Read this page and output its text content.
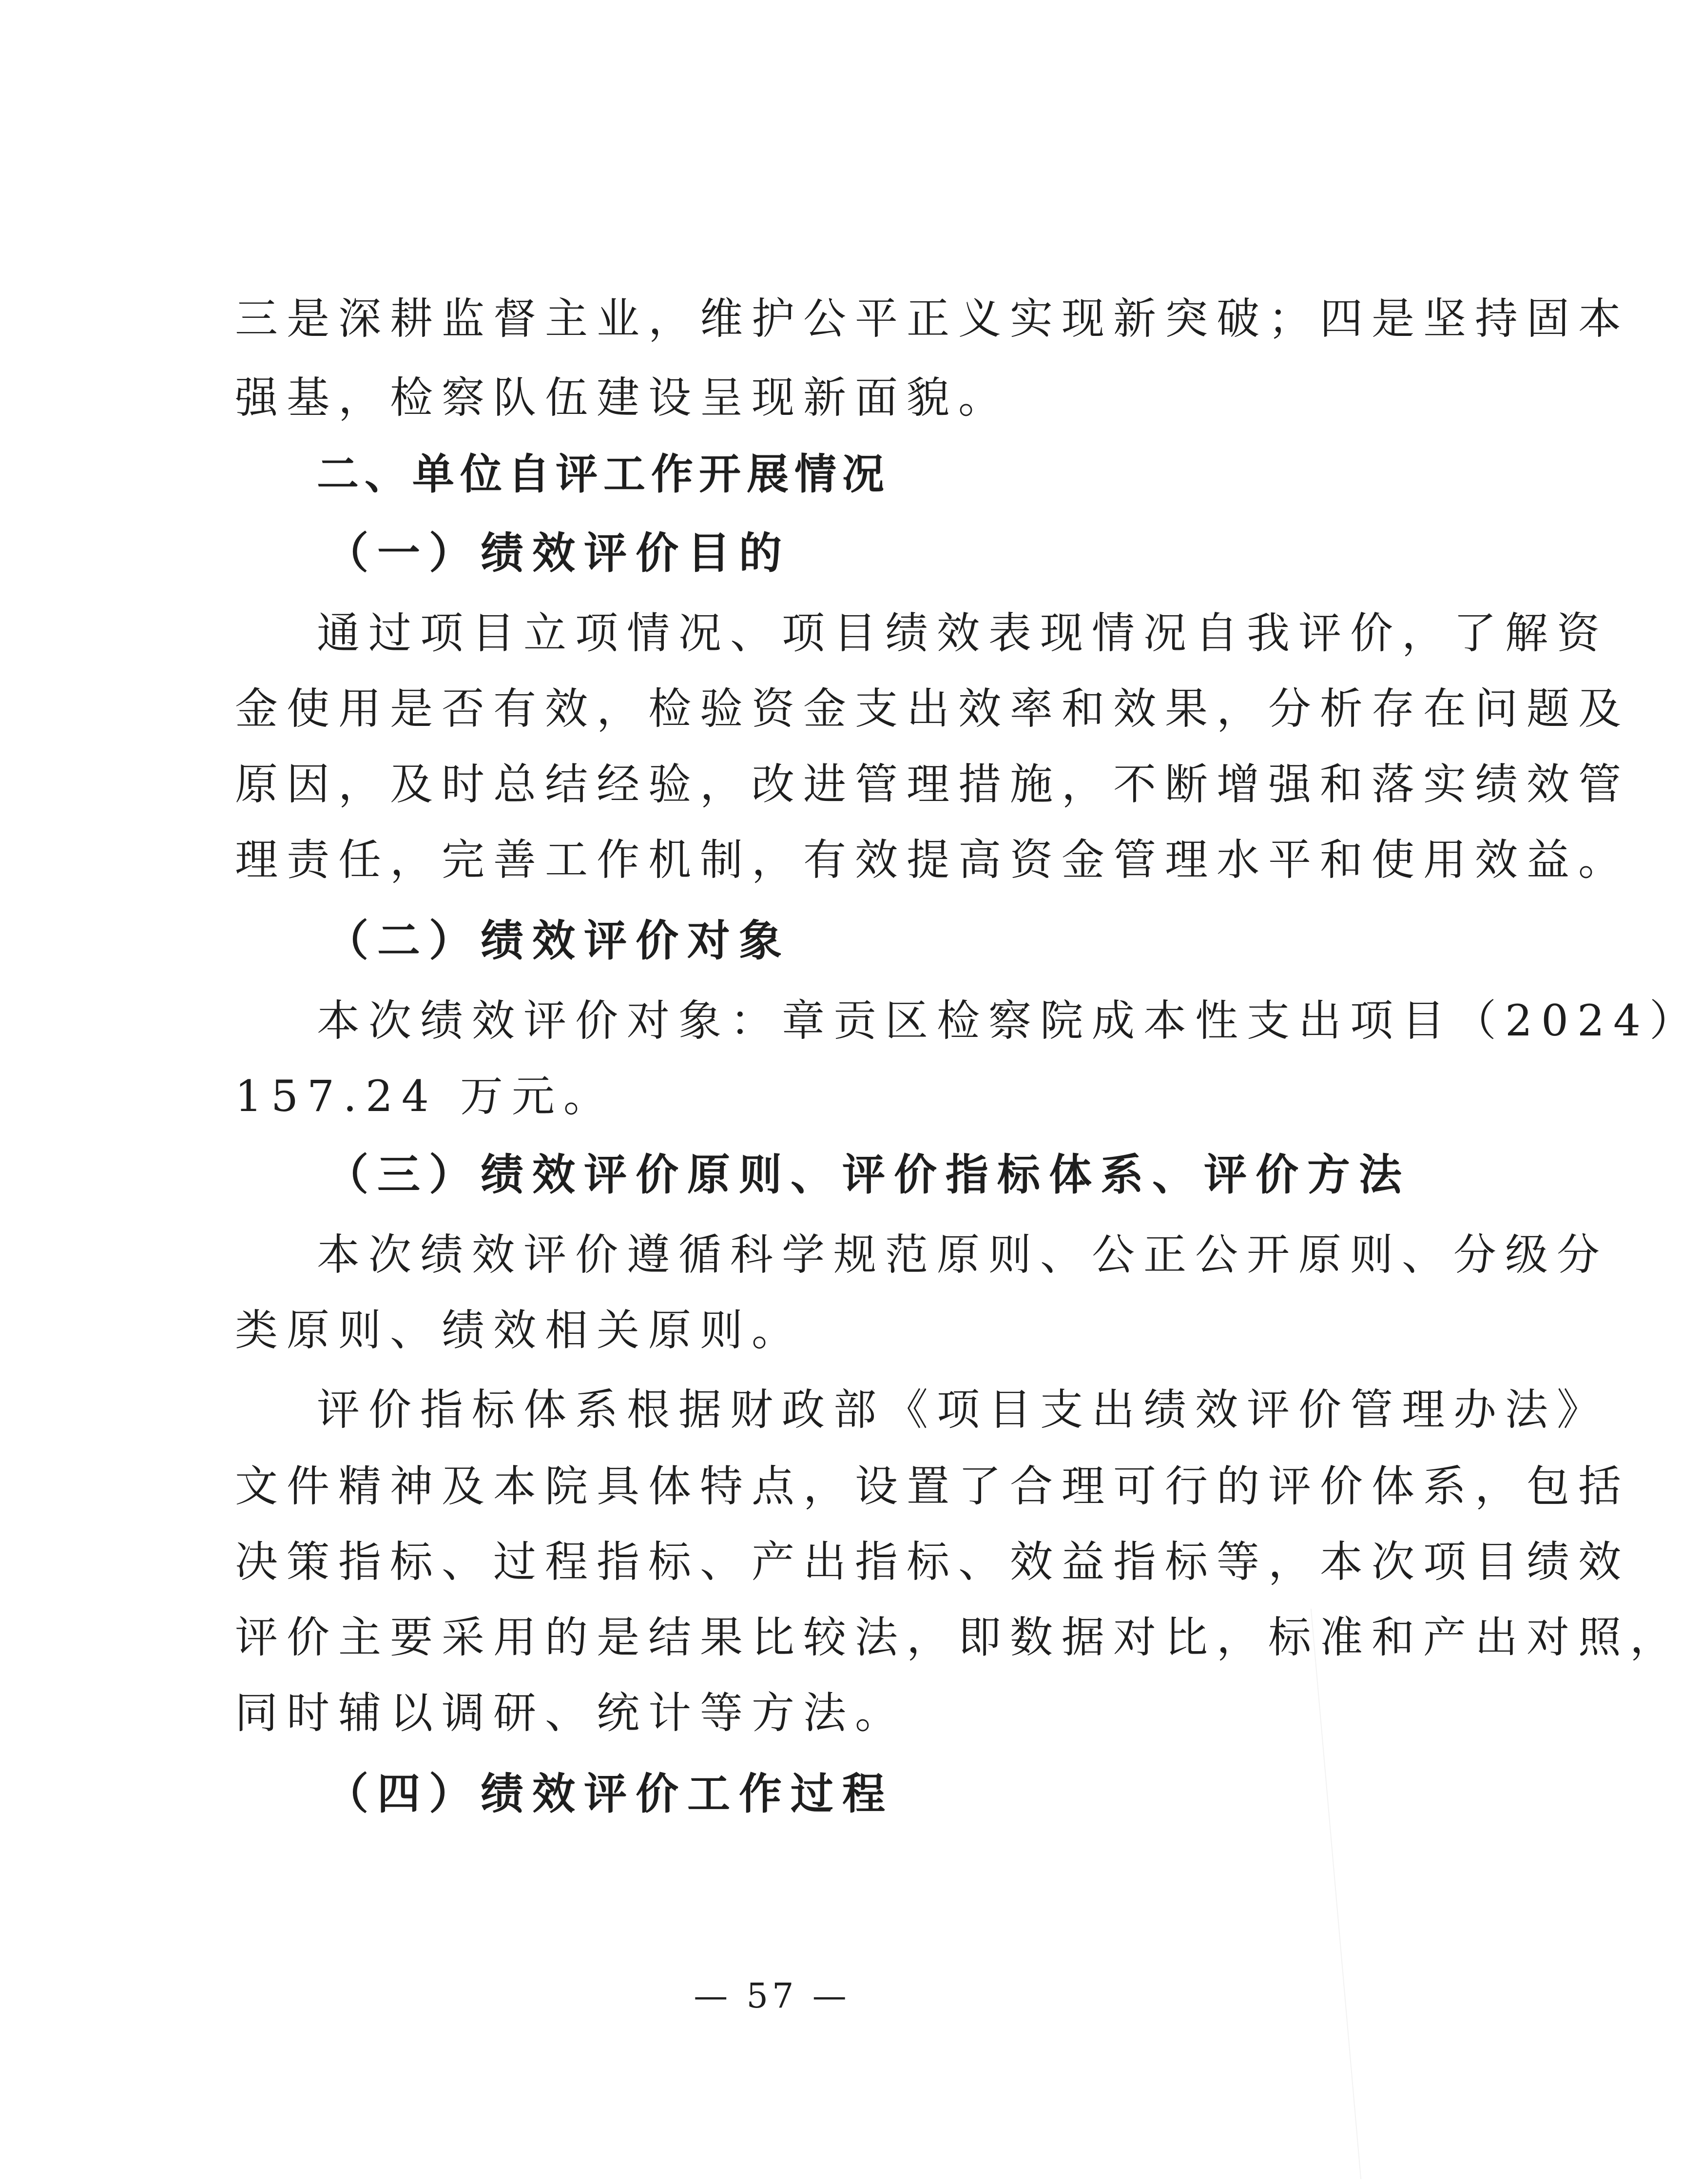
三是深耕监督主业，维护公平正义实现新突破；四是坚持固本
强基，检察队伍建设呈现新面貌。
二、单位自评工作开展情况
（一）绩效评价目的
通过项目立项情况、项目绩效表现情况自我评价，了解资
金使用是否有效，检验资金支出效率和效果，分析存在问题及
原因，及时总结经验，改进管理措施，不断增强和落实绩效管
理责任，完善工作机制，有效提高资金管理水平和使用效益。
（二）绩效评价对象
本次绩效评价对象：章贡区检察院成本性支出项目（2024）
157.24 万元。
（三）绩效评价原则、评价指标体系、评价方法
本次绩效评价遵循科学规范原则、公正公开原则、分级分
类原则、绩效相关原则。
评价指标体系根据财政部《项目支出绩效评价管理办法》
文件精神及本院具体特点，设置了合理可行的评价体系，包括
决策指标、过程指标、产出指标、效益指标等，本次项目绩效
评价主要采用的是结果比较法，即数据对比，标准和产出对照，
同时辅以调研、统计等方法。
（四）绩效评价工作过程
— 57 —
